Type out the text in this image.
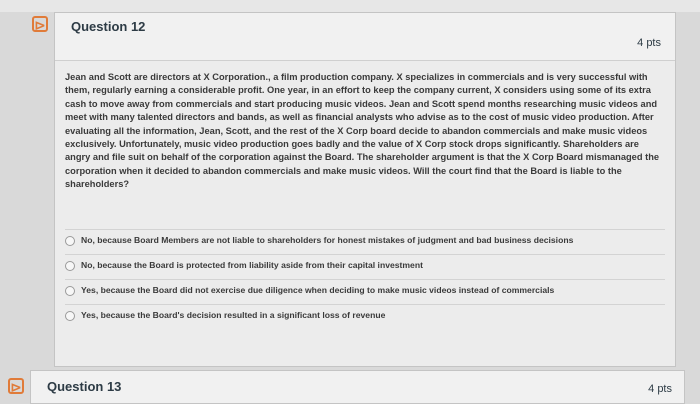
⊳ Question 12
4 pts

Jean and Scott are directors at X Corporation., a film production company. X specializes in commercials and is very successful with them, regularly earning a considerable profit. One year, in an effort to keep the company current, X considers using some of its extra cash to move away from commercials and start producing music videos. Jean and Scott spend months researching music videos and meet with many talented directors and bands, as well as financial analysts who advise as to the cost of music video production. After evaluating all the information, Jean, Scott, and the rest of the X Corp board decide to abandon commercials and make music videos exclusively. Unfortunately, music video production goes badly and the value of X Corp stock drops significantly. Shareholders are angry and file suit on behalf of the corporation against the Board. The shareholder argument is that the X Corp Board mismanaged the corporation when it decided to abandon commercials and make music videos. Will the court find that the Board is liable to the shareholders?

No, because Board Members are not liable to shareholders for honest mistakes of judgment and bad business decisions
No, because the Board is protected from liability aside from their capital investment
Yes, because the Board did not exercise due diligence when deciding to make music videos instead of commercials
Yes, because the Board's decision resulted in a significant loss of revenue
⊳ Question 13	4 pts
